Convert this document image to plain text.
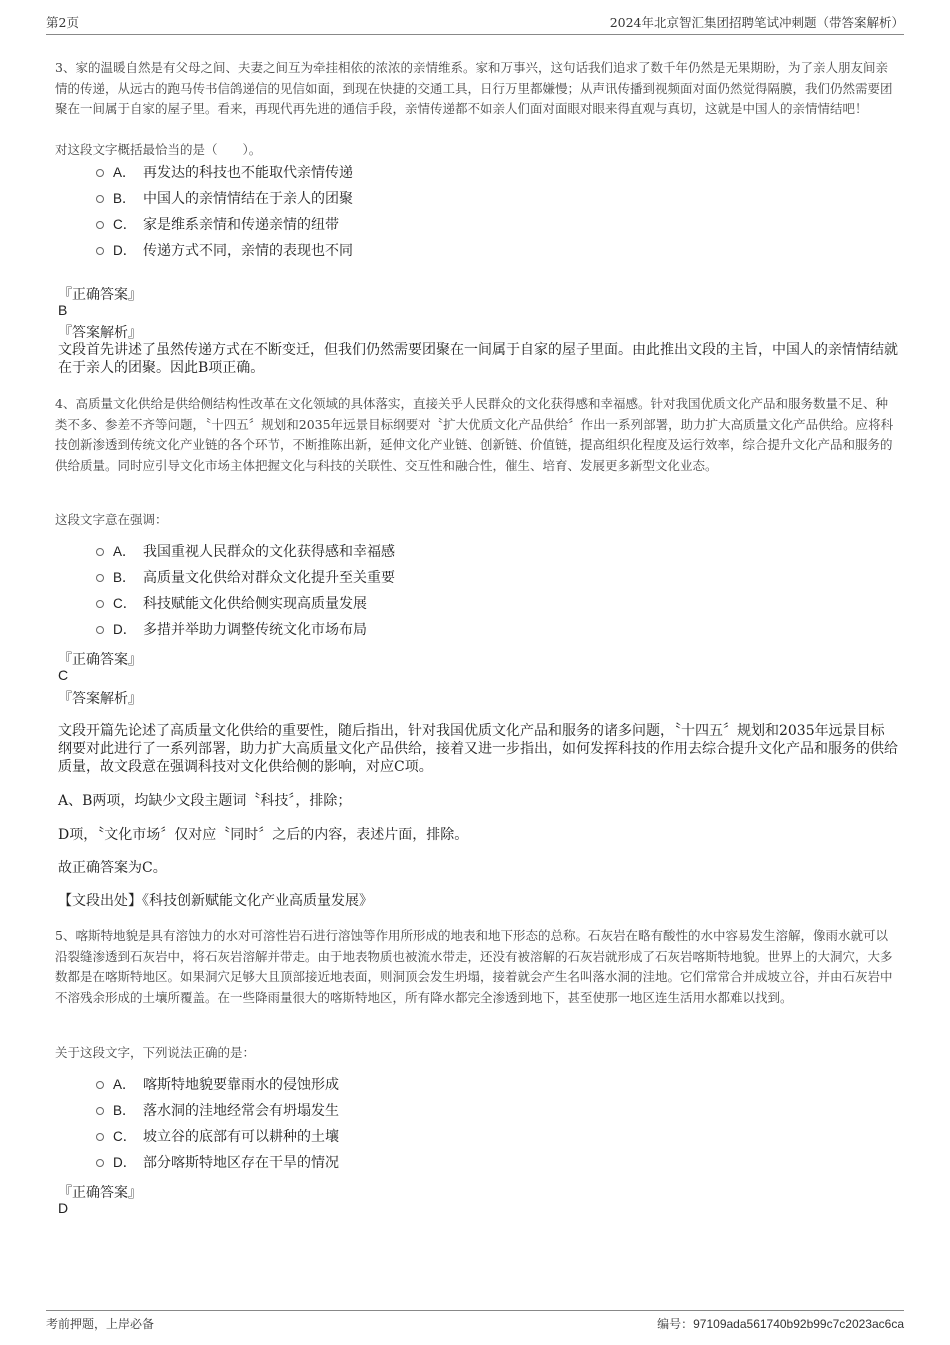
第2页	2024年北京智汇集团招聘笔试冲刺题（带答案解析）

3、家的温暖自然是有父母之间、夫妻之间互为牵挂相依的浓浓的亲情维系。家和万事兴，这句话我们追求了数千年仍然是无果期盼，为了亲人朋友间亲情的传递，从远古的跑马传书信鸽递信的见信如面，到现在快捷的交通工具，日行万里都嫌慢；从声讯传播到视频面对面仍然觉得隔膜，我们仍然需要团聚在一间属于自家的屋子里。看来，再现代再先进的通信手段，亲情传递都不如亲人们面对面眼对眼来得直观与真切，这就是中国人的亲情情结吧！

对这段文字概括最恰当的是（　　）。
A． 再发达的科技也不能取代亲情传递
B． 中国人的亲情情结在于亲人的团聚
C． 家是维系亲情和传递亲情的纽带
D． 传递方式不同，亲情的表现也不同
『正确答案』
B
『答案解析』

文段首先讲述了虽然传递方式在不断变迁，但我们仍然需要团聚在一间属于自家的屋子里面。由此推出文段的主旨，中国人的亲情情结就在于亲人的团聚。因此B项正确。

4、高质量文化供给是供给侧结构性改革在文化领域的具体落实，直接关乎人民群众的文化获得感和幸福感。针对我国优质文化产品和服务数量不足、种类不多、参差不齐等问题，〝十四五〞规划和2035年远景目标纲要对〝扩大优质文化产品供给〞作出一系列部署，助力扩大高质量文化产品供给。应将科技创新渗透到传统文化产业链的各个环节，不断推陈出新，延伸文化产业链、创新链、价值链，提高组织化程度及运行效率，综合提升文化产品和服务的供给质量。同时应引导文化市场主体把握文化与科技的关联性、交互性和融合性，催生、培育、发展更多新型文化业态。

这段文字意在强调：
A． 我国重视人民群众的文化获得感和幸福感
B． 高质量文化供给对群众文化提升至关重要
C． 科技赋能文化供给侧实现高质量发展
D． 多措并举助力调整传统文化市场布局
『正确答案』
C
『答案解析』

文段开篇先论述了高质量文化供给的重要性，随后指出，针对我国优质文化产品和服务的诸多问题，〝十四五〞规划和2035年远景目标纲要对此进行了一系列部署，助力扩大高质量文化产品供给，接着又进一步指出，如何发挥科技的作用去综合提升文化产品和服务的供给质量，故文段意在强调科技对文化供给侧的影响，对应C项。

A、B两项，均缺少文段主题词〝科技〞，排除；

D项，〝文化市场〞仅对应〝同时〞之后的内容，表述片面，排除。

故正确答案为C。

【文段出处】《科技创新赋能文化产业高质量发展》

5、喀斯特地貌是具有溶蚀力的水对可溶性岩石进行溶蚀等作用所形成的地表和地下形态的总称。石灰岩在略有酸性的水中容易发生溶解，像雨水就可以沿裂缝渗透到石灰岩中，将石灰岩溶解并带走。由于地表物质也被流水带走，还没有被溶解的石灰岩就形成了石灰岩喀斯特地貌。世界上的大洞穴，大多数都是在喀斯特地区。如果洞穴足够大且顶部接近地表面，则洞顶会发生坍塌，接着就会产生名叫落水洞的洼地。它们常常合并成坡立谷，并由石灰岩中不溶残余形成的土壤所覆盖。在一些降雨量很大的喀斯特地区，所有降水都完全渗透到地下，甚至使那一地区连生活用水都难以找到。

关于这段文字，下列说法正确的是：
A． 喀斯特地貌要靠雨水的侵蚀形成
B． 落水洞的洼地经常会有坍塌发生
C． 坡立谷的底部有可以耕种的土壤
D． 部分喀斯特地区存在干旱的情况
『正确答案』
D
考前押题，上岸必备	编号：97109ada561740b92b99c7c2023ac6ca
